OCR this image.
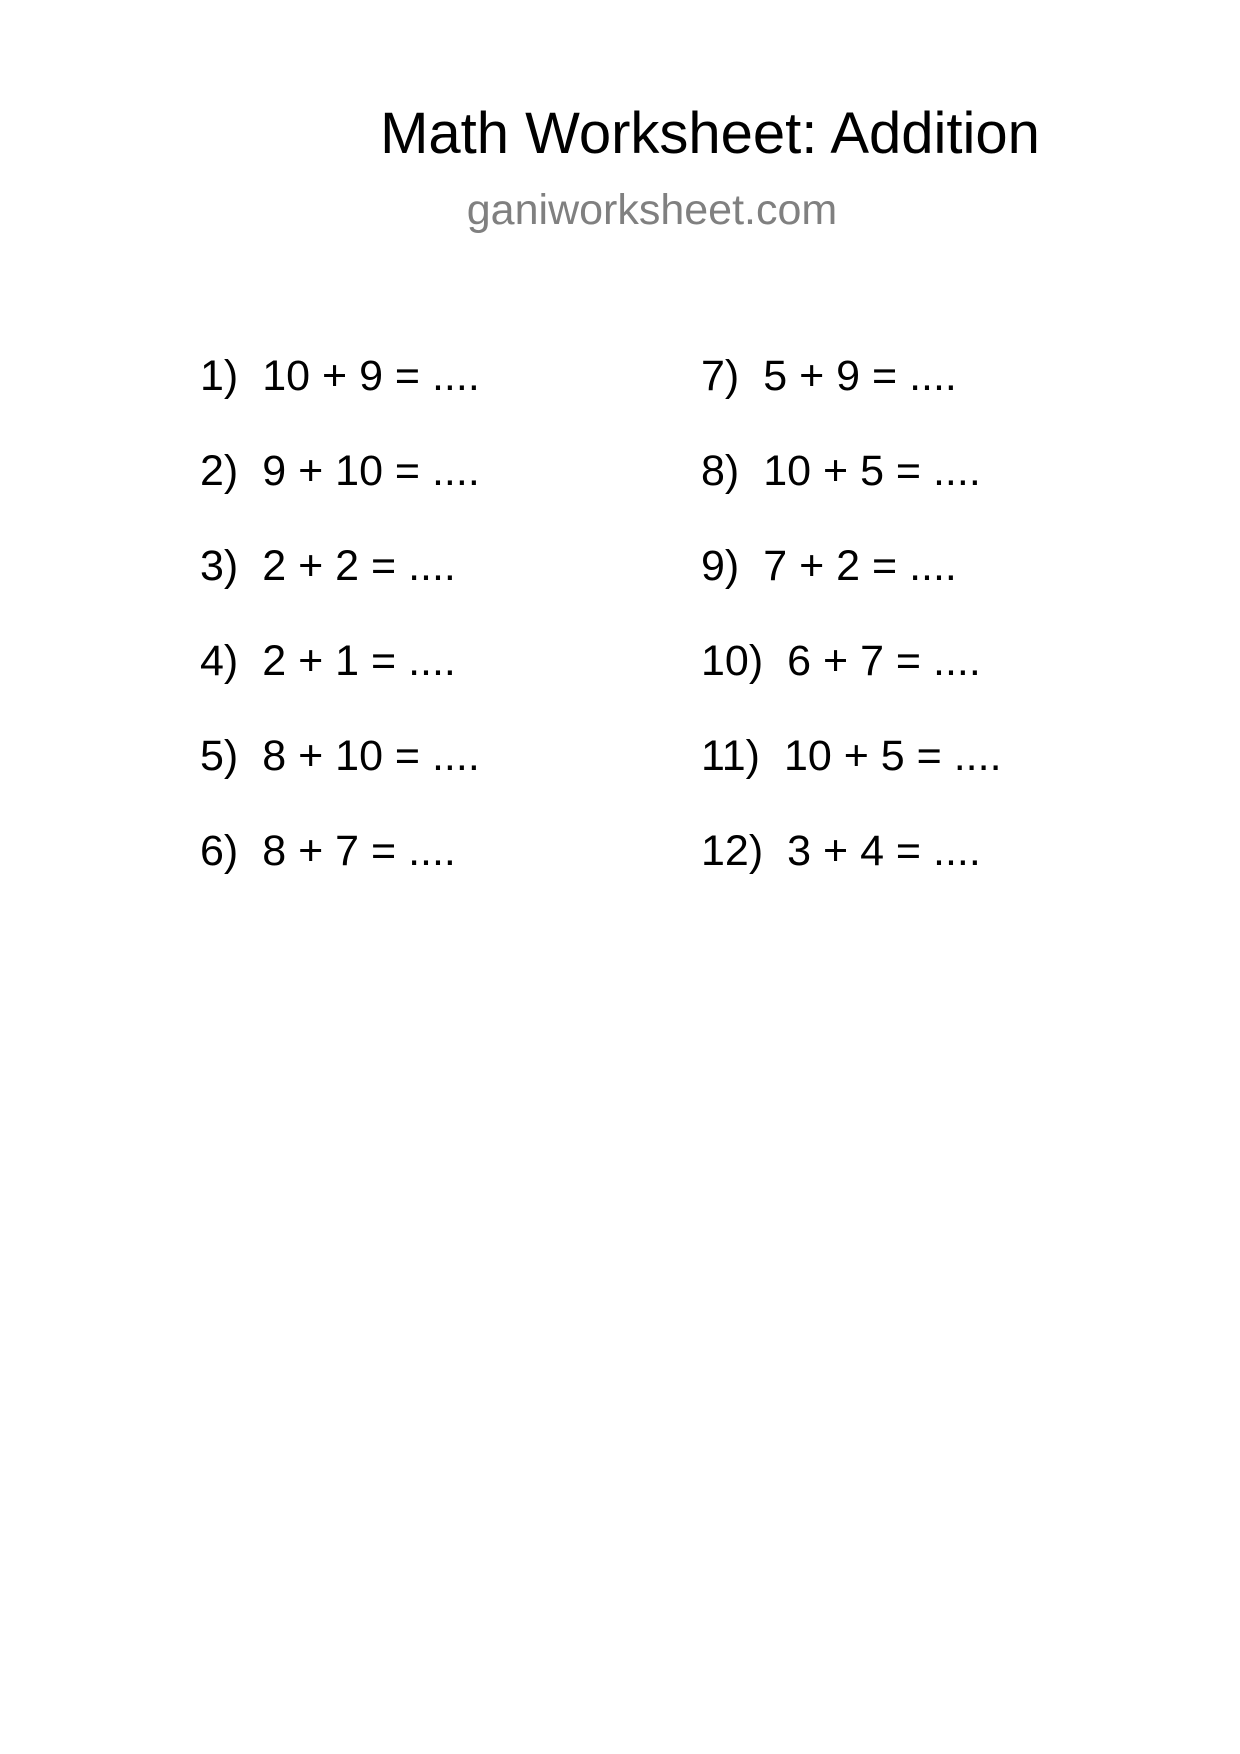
Math Worksheet: Addition
ganiworksheet.com
1) 10 + 9 = ....
2) 9 + 10 = ....
3) 2 + 2 = ....
4) 2 + 1 = ....
5) 8 + 10 = ....
6) 8 + 7 = ....
7) 5 + 9 = ....
8) 10 + 5 = ....
9) 7 + 2 = ....
10) 6 + 7 = ....
11) 10 + 5 = ....
12) 3 + 4 = ....
